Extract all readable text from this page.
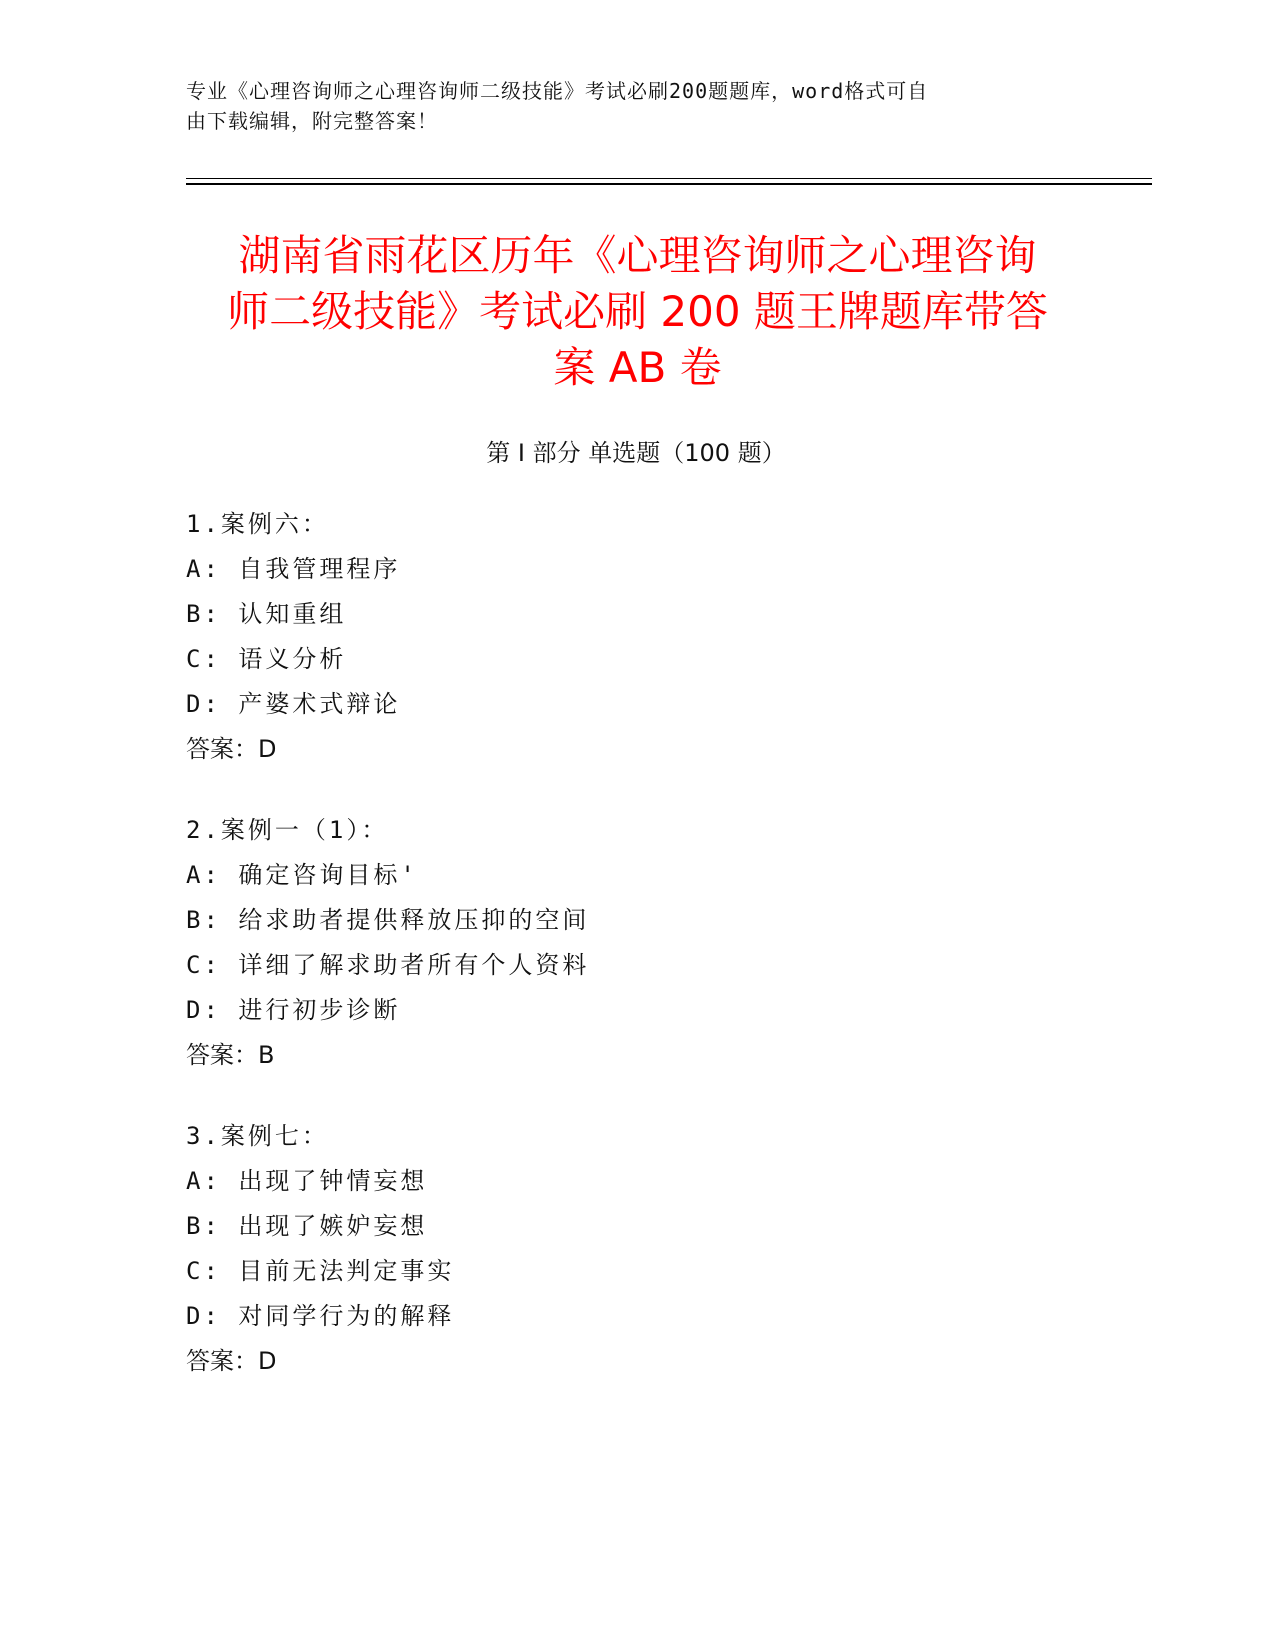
专业《心理咨询师之心理咨询师二级技能》考试必刷200题题库，word格式可自
由下载编辑，附完整答案！
湖南省雨花区历年《心理咨询师之心理咨询
师二级技能》考试必刷 200 题王牌题库带答
案 AB 卷
第 I 部分 单选题（100 题）
1.案例六：
A: 自我管理程序
B: 认知重组
C: 语义分析
D: 产婆术式辩论
答案：D
2.案例一（1）：
A: 确定咨询目标'
B: 给求助者提供释放压抑的空间
C: 详细了解求助者所有个人资料
D: 进行初步诊断
答案：B
3.案例七：
A: 出现了钟情妄想
B: 出现了嫉妒妄想
C: 目前无法判定事实
D: 对同学行为的解释
答案：D
